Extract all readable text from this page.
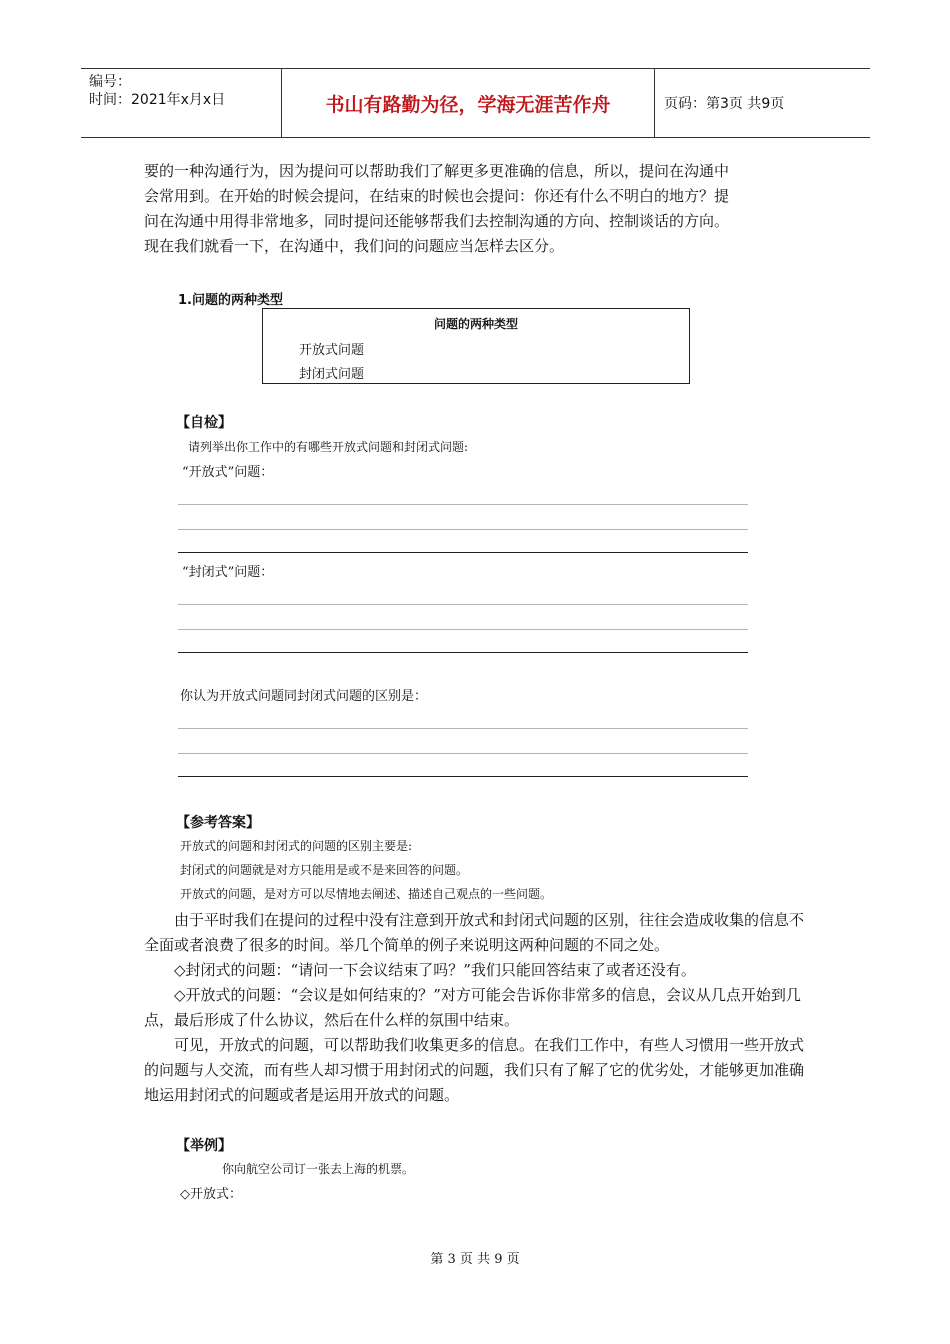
编号：
时间：2021年x月x日	书山有路勤为径，学海无涯苦作舟	页码：第3页 共9页

要的一种沟通行为，因为提问可以帮助我们了解更多更准确的信息，所以，提问在沟通中

会常用到。在开始的时候会提问，在结束的时候也会提问：你还有什么不明白的地方？提

问在沟通中用得非常地多，同时提问还能够帮我们去控制沟通的方向、控制谈话的方向。

现在我们就看一下，在沟通中，我们问的问题应当怎样去区分。

1.问题的两种类型
问题的两种类型
开放式问题
封闭式问题
【自检】
请列举出你工作中的有哪些开放式问题和封闭式问题:
“开放式”问题：
“封闭式”问题：
你认为开放式问题同封闭式问题的区别是：
【参考答案】
开放式的问题和封闭式的问题的区别主要是:
封闭式的问题就是对方只能用是或不是来回答的问题。
开放式的问题，是对方可以尽情地去阐述、描述自己观点的一些问题。

由于平时我们在提问的过程中没有注意到开放式和封闭式问题的区别，往往会造成收集的信息不全面或者浪费了很多的时间。举几个简单的例子来说明这两种问题的不同之处。

◇封闭式的问题：“请问一下会议结束了吗？”我们只能回答结束了或者还没有。

◇开放式的问题：“会议是如何结束的？”对方可能会告诉你非常多的信息，会议从几点开始到几点，最后形成了什么协议，然后在什么样的氛围中结束。

可见，开放式的问题，可以帮助我们收集更多的信息。在我们工作中，有些人习惯用一些开放式的问题与人交流，而有些人却习惯于用封闭式的问题，我们只有了解了它的优劣处，才能够更加准确地运用封闭式的问题或者是运用开放式的问题。

【举例】
你向航空公司订一张去上海的机票。
◇开放式：
第 3 页 共 9 页
